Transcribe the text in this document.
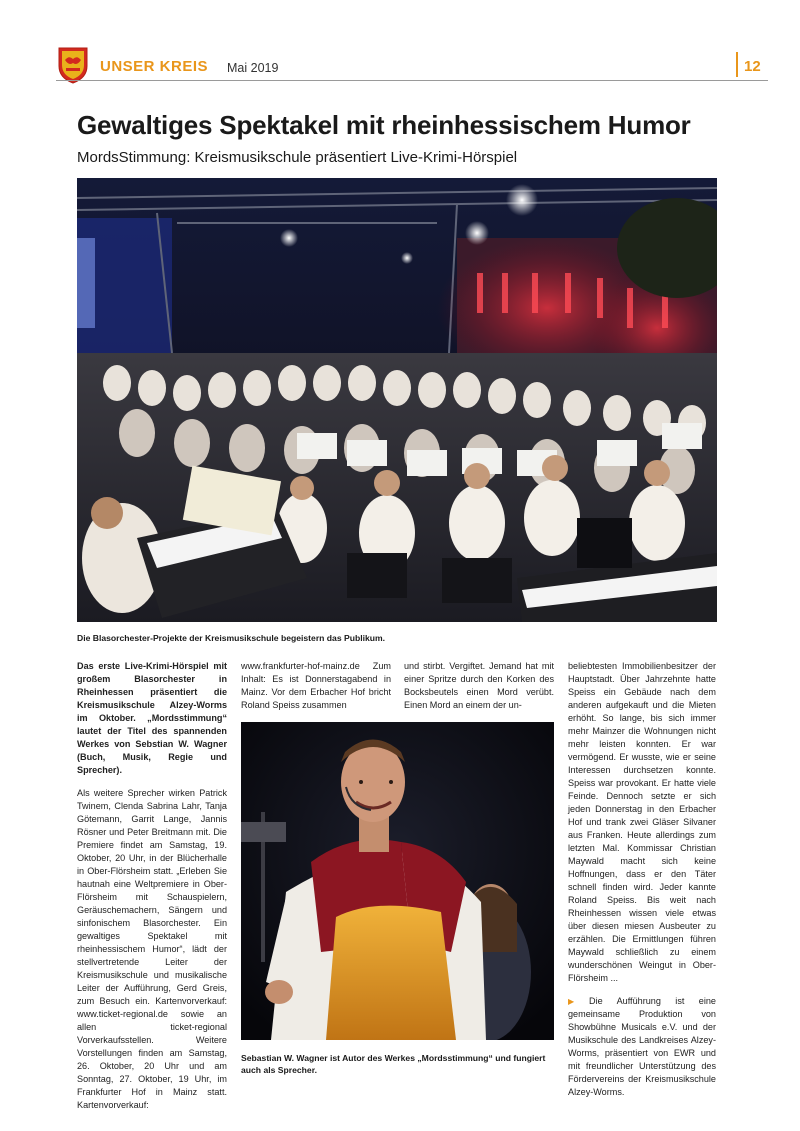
UNSER KREIS Mai 2019	12
Gewaltiges Spektakel mit rheinhessischem Humor
MordsStimmung: Kreismusikschule präsentiert Live-Krimi-Hörspiel
Die Blasorchester-Projekte der Kreismusikschule begeistern das Publikum.

Das erste Live-Krimi-Hörspiel mit großem Blasorchester in Rheinhessen präsentiert die Kreismusikschule Alzey-Worms im Oktober. „Mordsstimmung“ lautet der Titel des spannenden Werkes von Sebstian W. Wagner (Buch, Musik, Regie und Sprecher).

Als weitere Sprecher wirken Patrick Twinem, Clenda Sabrina Lahr, Tanja Götemann, Garrit Lange, Jannis Rösner und Peter Breitmann mit. Die Premiere findet am Samstag, 19. Oktober, 20 Uhr, in der Blücherhalle in Ober-Flörsheim statt. „Erleben Sie hautnah eine Weltpremiere in Ober-Flörsheim mit Schauspielern, Geräuschemachern, Sängern und sinfonischem Blasorchester. Ein gewaltiges Spektakel mit rheinhessischem Humor“, lädt der stellvertretende Leiter der Kreismusikschule und musikalische Leiter der Aufführung, Gerd Greis, zum Besuch ein. Kartenvorverkauf: www.ticket-regional.de sowie an allen ticket-regional Vorverkaufsstellen. Weitere Vorstellungen finden am Samstag, 26. Oktober, 20 Uhr und am Sonntag, 27. Oktober, 19 Uhr, im Frankfurter Hof in Mainz statt. Kartenvorverkauf:

www.frankfurter-hof-mainz.de Zum Inhalt: Es ist Donnerstagabend in Mainz. Vor dem Erbacher Hof bricht Roland Speiss zusammen

und stirbt. Vergiftet. Jemand hat mit einer Spritze durch den Korken des Bocksbeutels einen Mord verübt. Einen Mord an einem der un-

beliebtesten Immobilienbesitzer der Hauptstadt. Über Jahrzehnte hatte Speiss ein Gebäude nach dem anderen aufgekauft und die Mieten erhöht. So lange, bis sich immer mehr Mainzer die Wohnungen nicht mehr leisten konnten. Er war vermögend. Er wusste, wie er seine Interessen durchsetzen konnte. Speiss war provokant. Er hatte viele Feinde. Dennoch setzte er sich jeden Donnerstag in den Erbacher Hof und trank zwei Gläser Silvaner aus Franken. Heute allerdings zum letzten Mal. Kommissar Christian Maywald macht sich keine Hoffnungen, dass er den Täter schnell finden wird. Jeder kannte Roland Speiss. Bis weit nach Rheinhessen wissen viele etwas über diesen miesen Ausbeuter zu erzählen. Die Ermittlungen führen Maywald schließlich zu einem wunderschönen Weingut in Ober-Flörsheim ...

▶ Die Aufführung ist eine gemeinsame Produktion von Showbühne Musicals e.V. und der Musikschule des Landkreises Alzey-Worms, präsentiert von EWR und mit freundlicher Unterstützung des Fördervereins der Kreismusikschule Alzey-Worms.

Sebastian W. Wagner ist Autor des Werkes „Mordsstimmung“ und fungiert auch als Sprecher.
